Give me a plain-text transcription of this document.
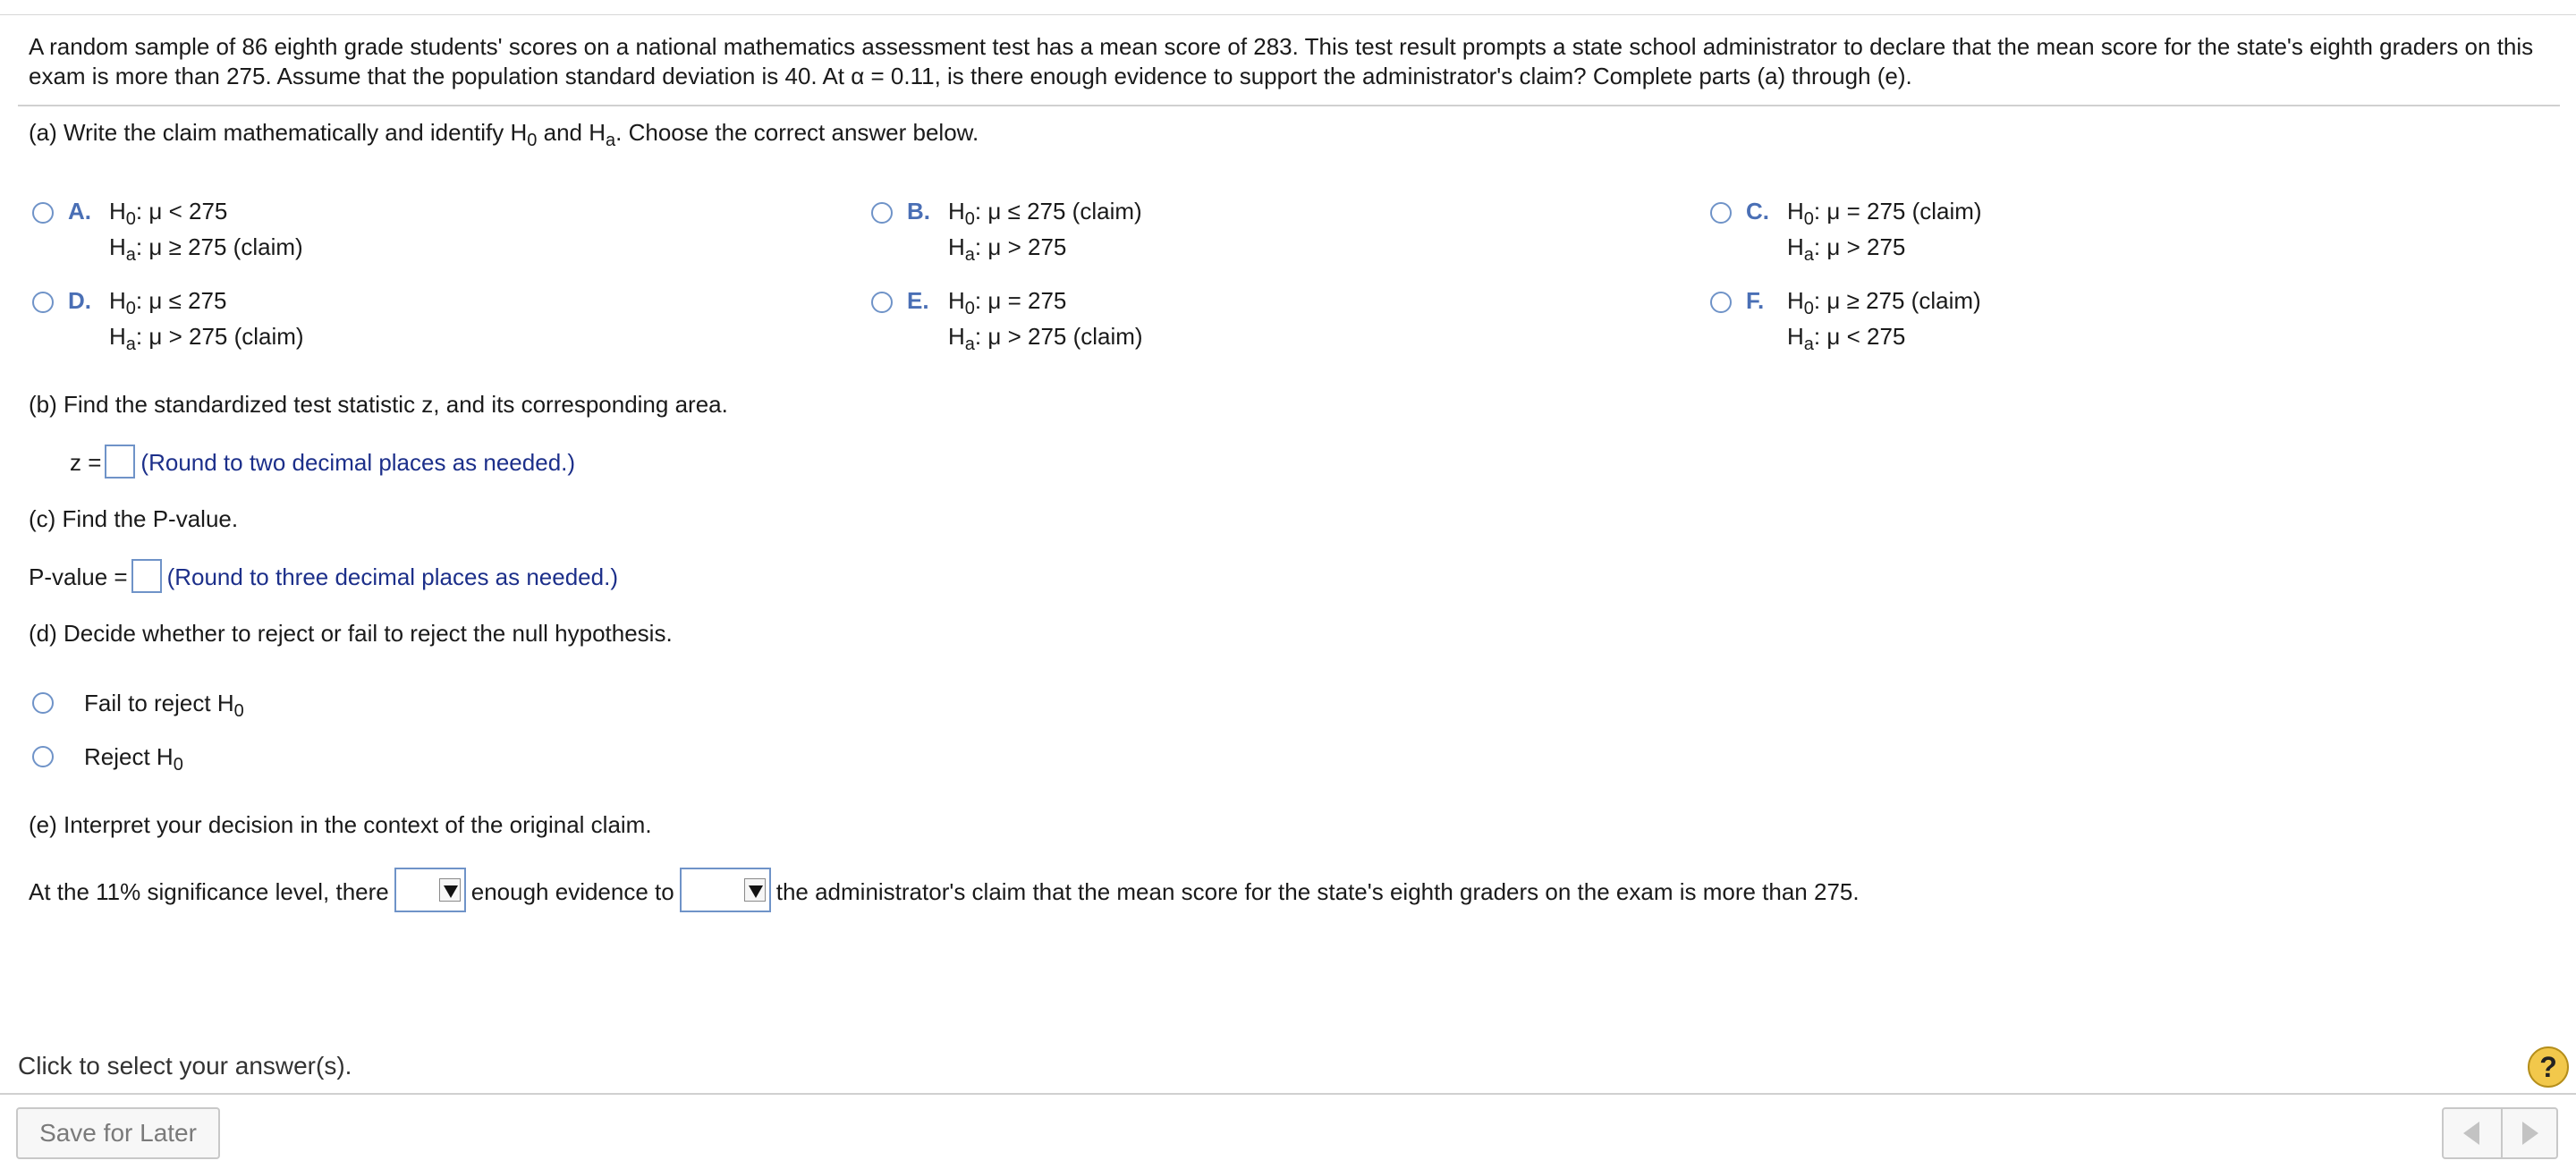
A random sample of 86 eighth grade students' scores on a national mathematics assessment test has a mean score of 283. This test result prompts a state school administrator to declare that the mean score for the state's eighth graders on this exam is more than 275. Assume that the population standard deviation is 40. At α = 0.11, is there enough evidence to support the administrator's claim? Complete parts (a) through (e).

(a) Write the claim mathematically and identify $H_0$ and $H_a$. Choose the correct answer below.
A. $H_0$: μ < 275
$H_a$: μ ≥ 275 (claim)
B. $H_0$: μ ≤ 275 (claim)
$H_a$: μ > 275
C. $H_0$: μ = 275 (claim)
$H_a$: μ > 275
D. $H_0$: μ ≤ 275
$H_a$: μ > 275 (claim)
E. $H_0$: μ = 275
$H_a$: μ > 275 (claim)
F. $H_0$: μ ≥ 275 (claim)
$H_a$: μ < 275
(b) Find the standardized test statistic z, and its corresponding area.
z = (Round to two decimal places as needed.)
(c) Find the P-value.
P-value = (Round to three decimal places as needed.)
(d) Decide whether to reject or fail to reject the null hypothesis.
Fail to reject $H_0$
Reject $H_0$
(e) Interpret your decision in the context of the original claim.
At the 11% significance level, there	enough evidence to	the administrator's claim that the mean score for the state's eighth graders on the exam is more than 275.
Click to select your answer(s).	?
Save for Later
